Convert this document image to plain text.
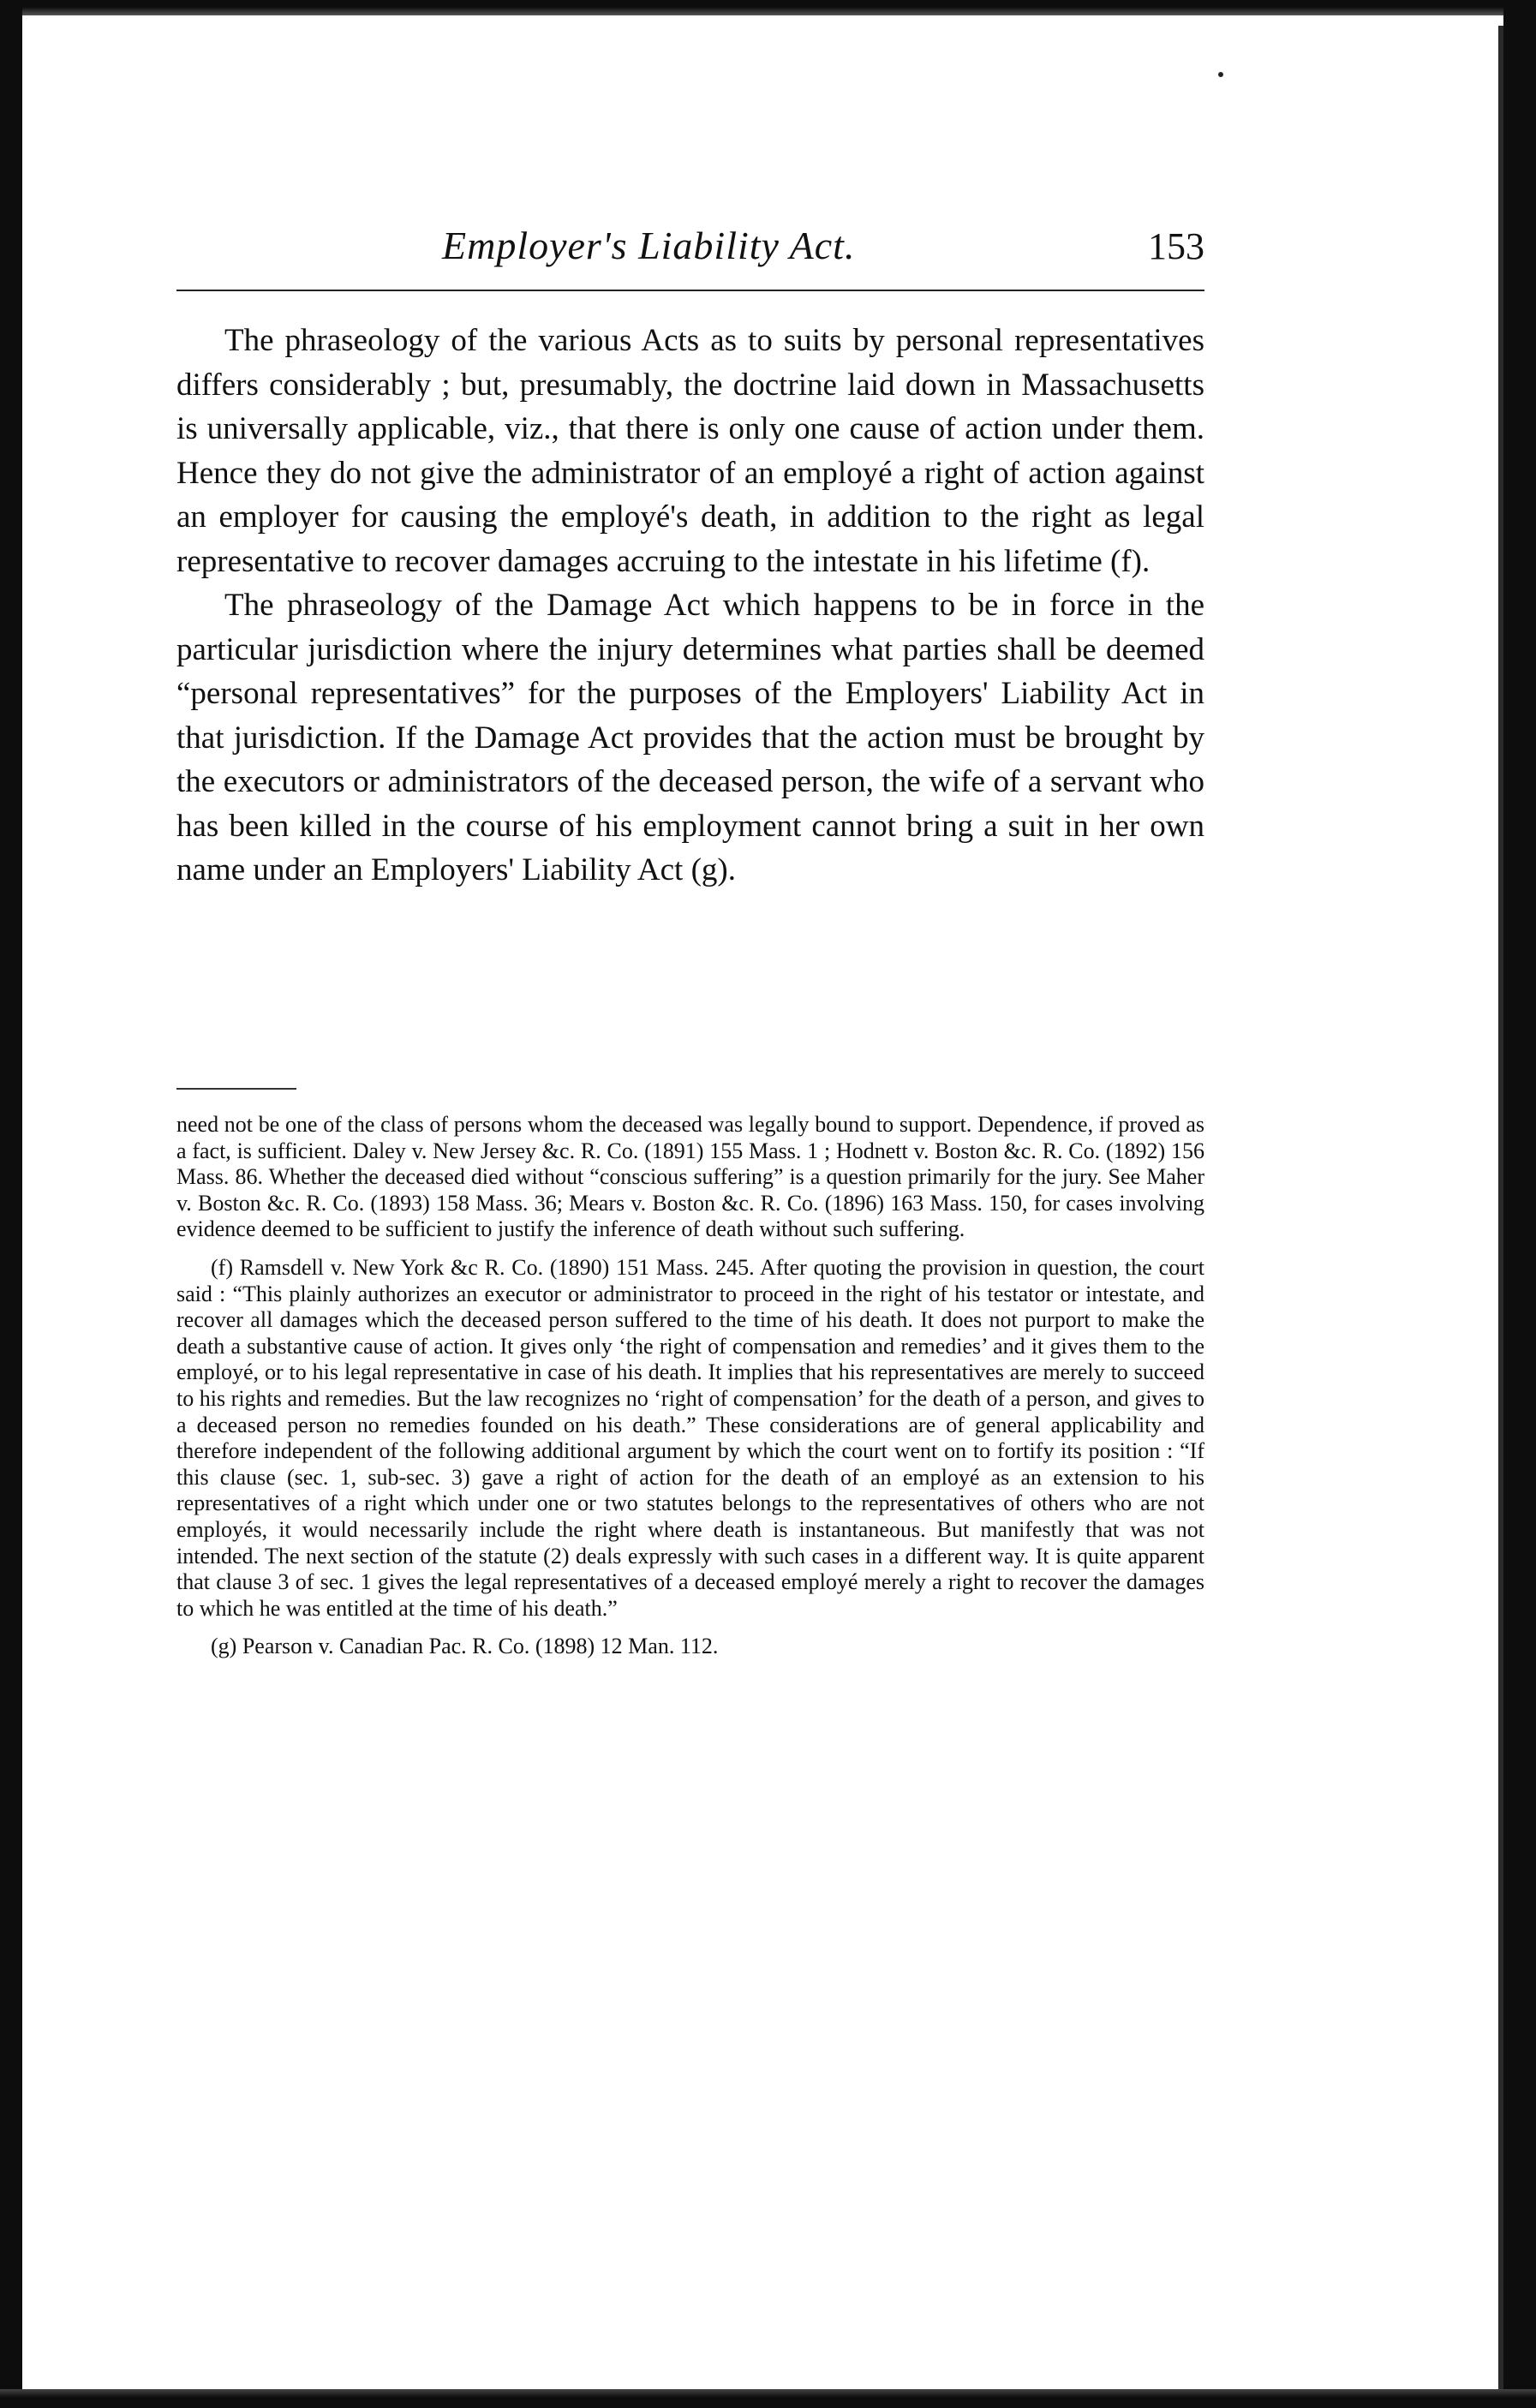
Employer's Liability Act.	153

The phraseology of the various Acts as to suits by personal representatives differs considerably ; but, presumably, the doctrine laid down in Massachusetts is universally applicable, viz., that there is only one cause of action under them. Hence they do not give the administrator of an employé a right of action against an employer for causing the employé's death, in addition to the right as legal representative to recover damages accruing to the intestate in his lifetime (f).

The phraseology of the Damage Act which happens to be in force in the particular jurisdiction where the injury determines what parties shall be deemed “personal representatives” for the purposes of the Employers' Liability Act in that jurisdiction. If the Damage Act provides that the action must be brought by the executors or administrators of the deceased person, the wife of a servant who has been killed in the course of his employment cannot bring a suit in her own name under an Employers' Liability Act (g).

need not be one of the class of persons whom the deceased was legally bound to support. Dependence, if proved as a fact, is sufficient. Daley v. New Jersey &c. R. Co. (1891) 155 Mass. 1 ; Hodnett v. Boston &c. R. Co. (1892) 156 Mass. 86. Whether the deceased died without “conscious suffering” is a question primarily for the jury. See Maher v. Boston &c. R. Co. (1893) 158 Mass. 36; Mears v. Boston &c. R. Co. (1896) 163 Mass. 150, for cases involving evidence deemed to be sufficient to justify the inference of death without such suffering.

(f) Ramsdell v. New York &c R. Co. (1890) 151 Mass. 245. After quoting the provision in question, the court said : “This plainly authorizes an executor or administrator to proceed in the right of his testator or intestate, and recover all damages which the deceased person suffered to the time of his death. It does not purport to make the death a substantive cause of action. It gives only ‘the right of compensation and remedies’ and it gives them to the employé, or to his legal representative in case of his death. It implies that his representatives are merely to succeed to his rights and remedies. But the law recognizes no ‘right of compensation’ for the death of a person, and gives to a deceased person no remedies founded on his death.” These considerations are of general applicability and therefore independent of the following additional argument by which the court went on to fortify its position : “If this clause (sec. 1, sub-sec. 3) gave a right of action for the death of an employé as an extension to his representatives of a right which under one or two statutes belongs to the representatives of others who are not employés, it would necessarily include the right where death is instantaneous. But manifestly that was not intended. The next section of the statute (2) deals expressly with such cases in a different way. It is quite apparent that clause 3 of sec. 1 gives the legal representatives of a deceased employé merely a right to recover the damages to which he was entitled at the time of his death.”

(g) Pearson v. Canadian Pac. R. Co. (1898) 12 Man. 112.
